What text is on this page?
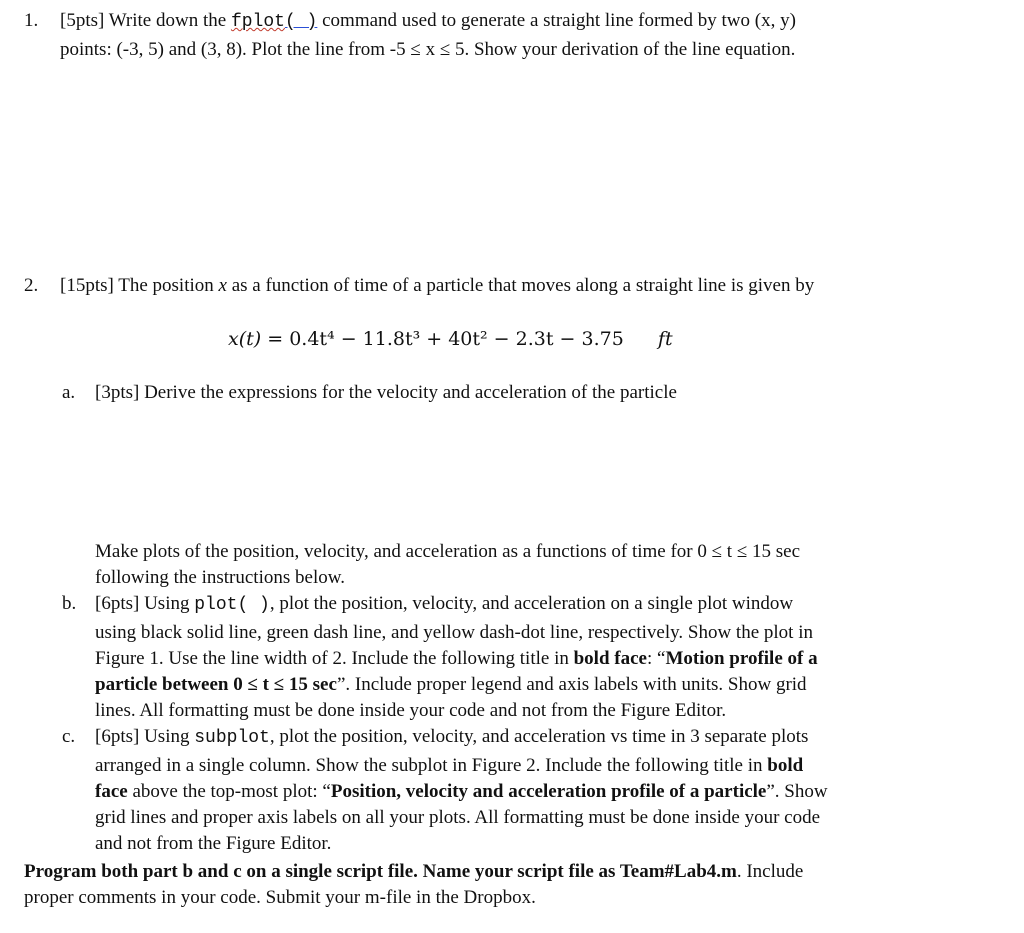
1.	[5pts] Write down the fplot( ) command used to generate a straight line formed by two (x, y)
points: (-3, 5) and (3, 8). Plot the line from -5 ≤ x ≤ 5. Show your derivation of the line equation.
2.	[15pts] The position x as a function of time of a particle that moves along a straight line is given by
x(t) = 0.4t⁴ − 11.8t³ + 40t² − 2.3t − 3.75 ft
a. [3pts] Derive the expressions for the velocity and acceleration of the particle
Make plots of the position, velocity, and acceleration as a functions of time for 0 ≤ t ≤ 15 sec
following the instructions below.
b. [6pts] Using plot( ), plot the position, velocity, and acceleration on a single plot window
using black solid line, green dash line, and yellow dash-dot line, respectively. Show the plot in
Figure 1. Use the line width of 2. Include the following title in bold face: “Motion profile of a
particle between 0 ≤ t ≤ 15 sec”. Include proper legend and axis labels with units. Show grid
lines. All formatting must be done inside your code and not from the Figure Editor.
c. [6pts] Using subplot, plot the position, velocity, and acceleration vs time in 3 separate plots
arranged in a single column. Show the subplot in Figure 2. Include the following title in bold
face above the top-most plot: “Position, velocity and acceleration profile of a particle”. Show
grid lines and proper axis labels on all your plots. All formatting must be done inside your code
and not from the Figure Editor.
Program both part b and c on a single script file. Name your script file as Team#Lab4.m. Include
proper comments in your code. Submit your m-file in the Dropbox.
